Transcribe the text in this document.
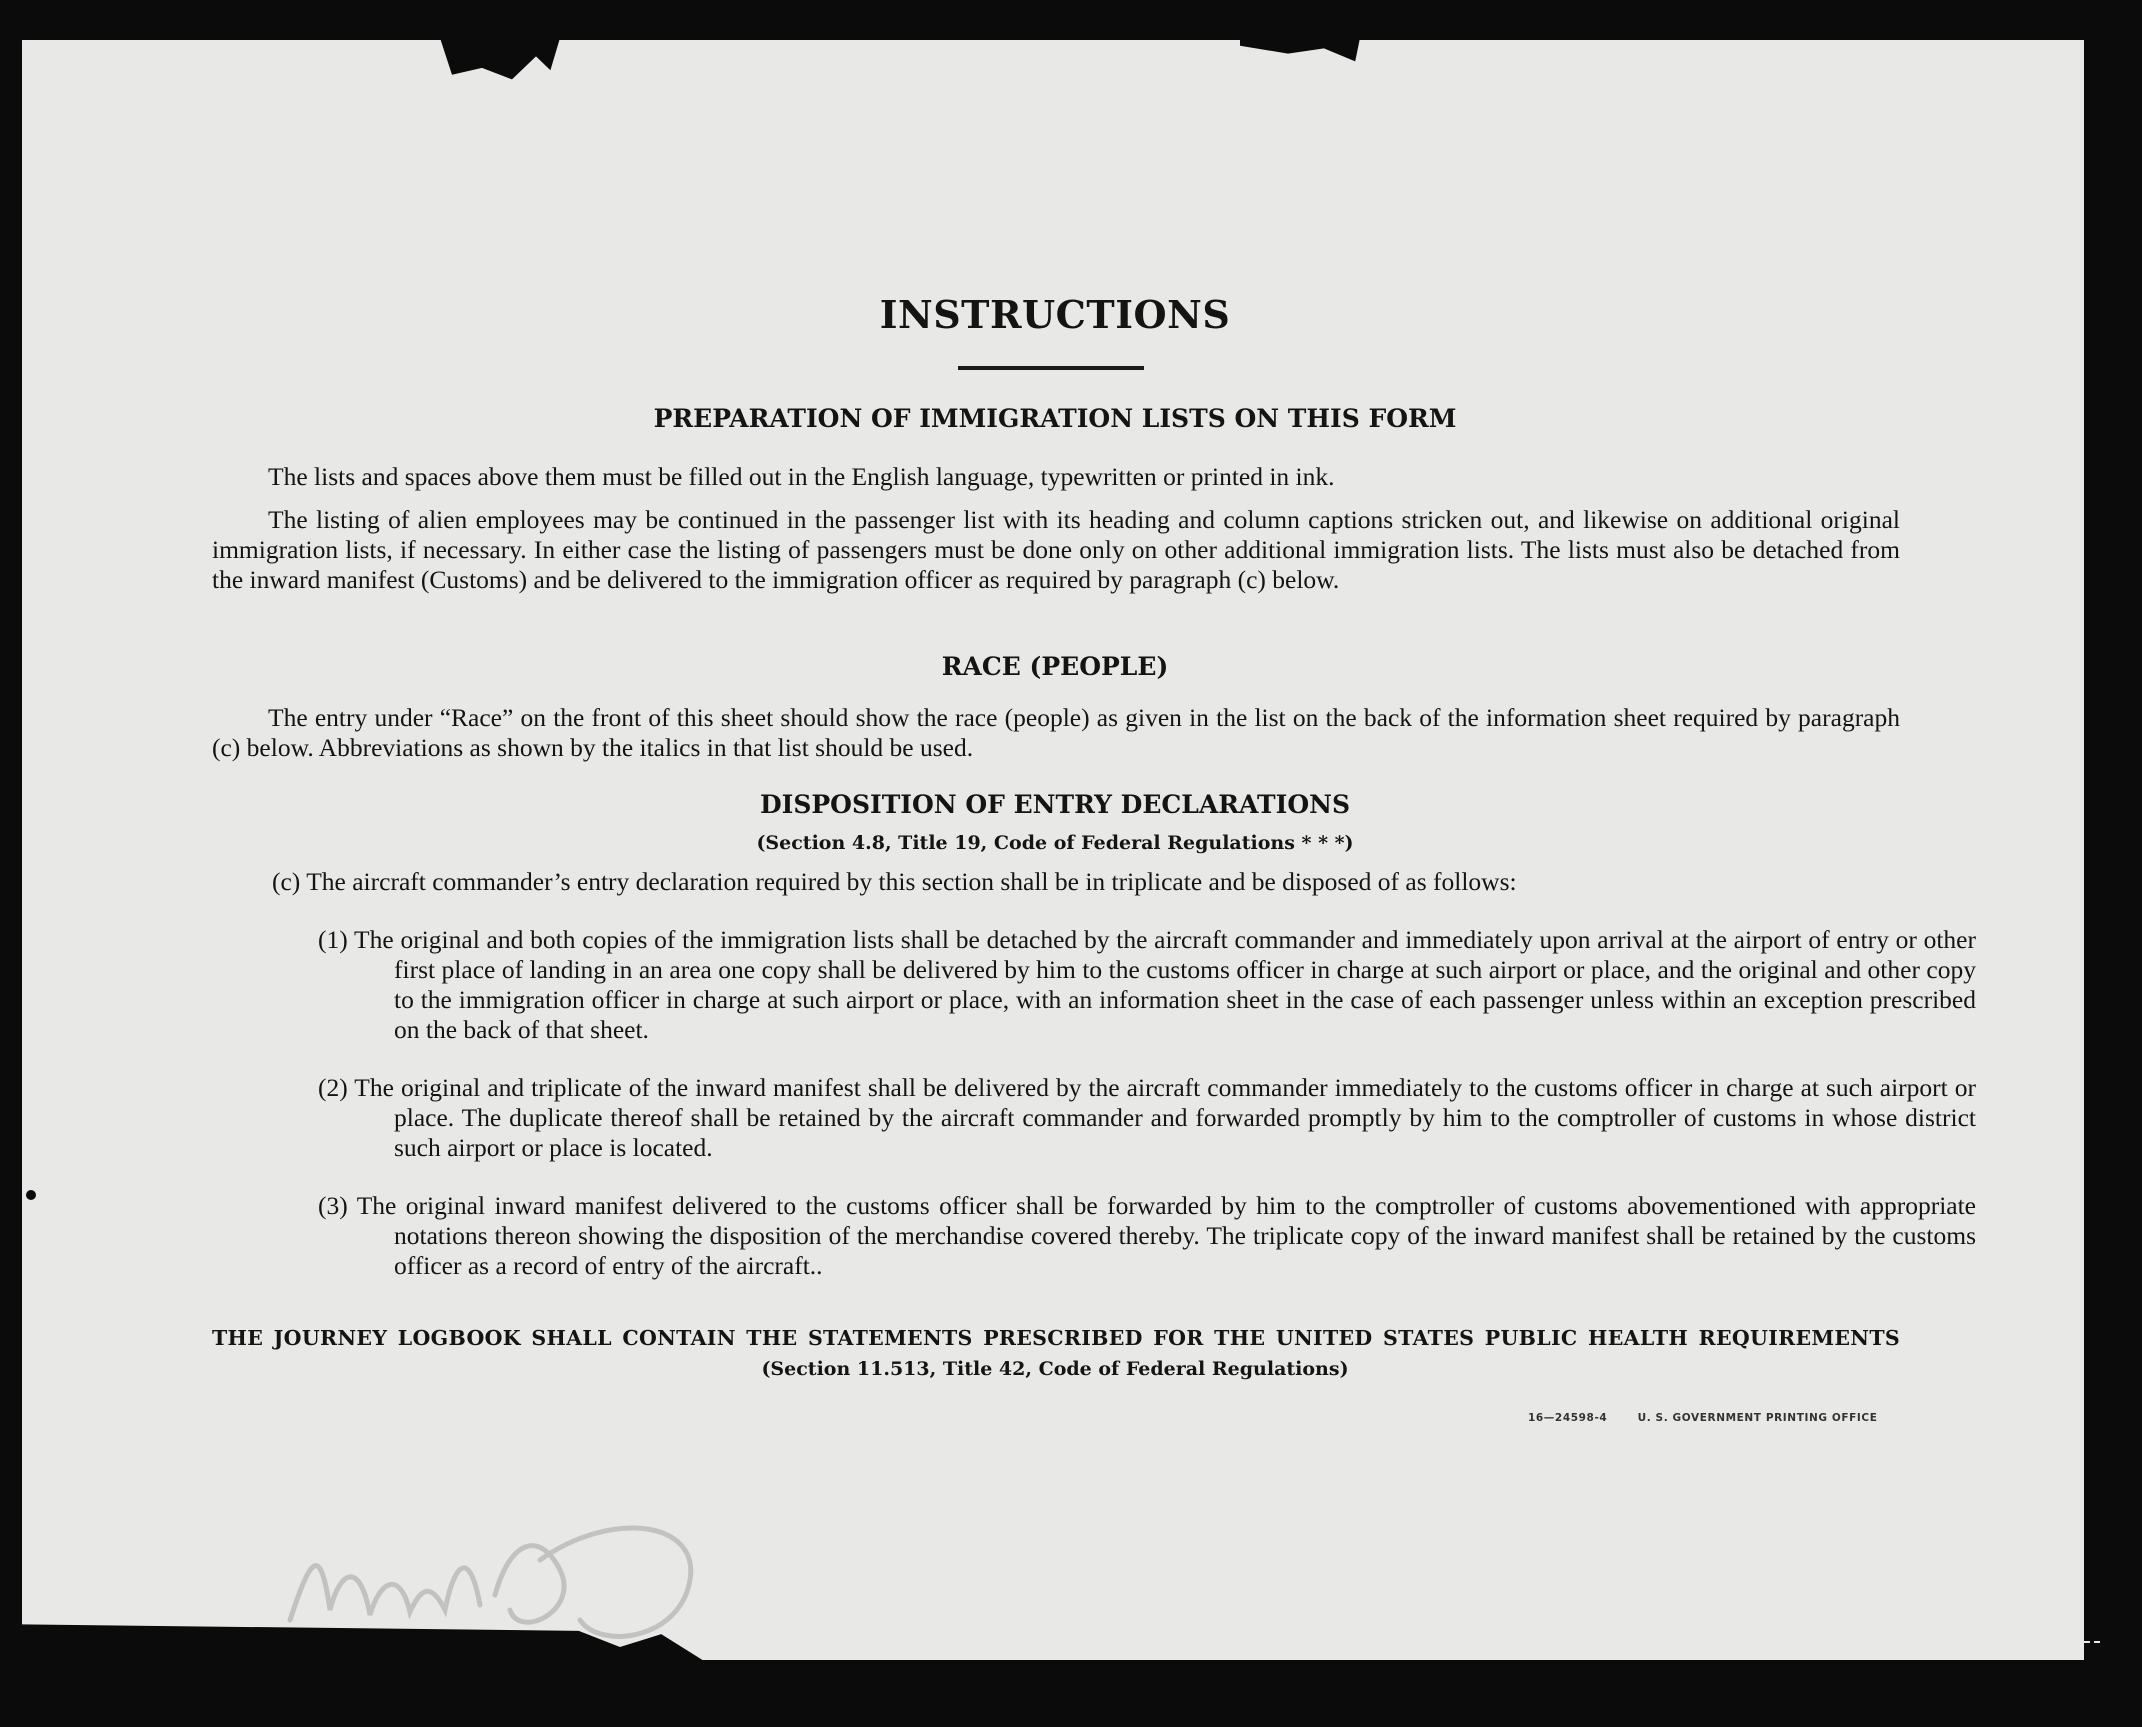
INSTRUCTIONS
PREPARATION OF IMMIGRATION LISTS ON THIS FORM

The lists and spaces above them must be filled out in the English language, typewritten or printed in ink.

The listing of alien employees may be continued in the passenger list with its heading and column captions stricken out, and likewise on additional original immigration lists, if necessary. In either case the listing of passengers must be done only on other additional immigration lists. The lists must also be detached from the inward manifest (Customs) and be delivered to the immigration officer as required by paragraph (c) below.

RACE (PEOPLE)

The entry under “Race” on the front of this sheet should show the race (people) as given in the list on the back of the information sheet required by paragraph (c) below. Abbreviations as shown by the italics in that list should be used.

DISPOSITION OF ENTRY DECLARATIONS

(Section 4.8, Title 19, Code of Federal Regulations * * *)

(c) The aircraft commander’s entry declaration required by this section shall be in triplicate and be disposed of as follows:

(1) The original and both copies of the immigration lists shall be detached by the aircraft commander and immediately upon arrival at the airport of entry or other first place of landing in an area one copy shall be delivered by him to the customs officer in charge at such airport or place, and the original and other copy to the immigration officer in charge at such airport or place, with an information sheet in the case of each passenger unless within an exception prescribed on the back of that sheet.

(2) The original and triplicate of the inward manifest shall be delivered by the aircraft commander immediately to the customs officer in charge at such airport or place. The duplicate thereof shall be retained by the aircraft commander and forwarded promptly by him to the comptroller of customs in whose district such airport or place is located.

(3) The original inward manifest delivered to the customs officer shall be forwarded by him to the comptroller of customs abovementioned with appropriate notations thereon showing the disposition of the merchandise covered thereby. The triplicate copy of the inward manifest shall be retained by the customs officer as a record of entry of the aircraft..

THE JOURNEY LOGBOOK SHALL CONTAIN THE STATEMENTS PRESCRIBED FOR THE UNITED STATES PUBLIC HEALTH REQUIREMENTS

(Section 11.513, Title 42, Code of Federal Regulations)

16—24598-4	U. S. GOVERNMENT PRINTING OFFICE
